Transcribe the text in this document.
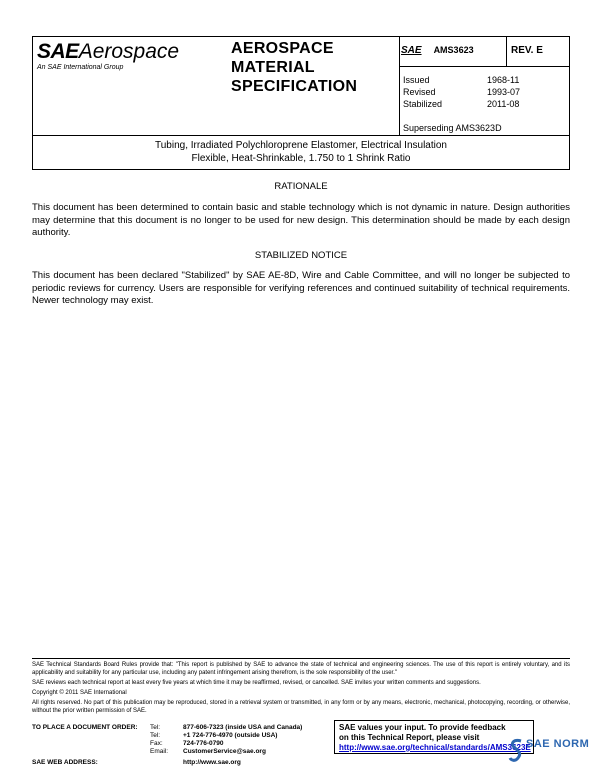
SAEAerospace
An SAE International Group
AEROSPACE
MATERIAL
SPECIFICATION
SAE AMS3623	REV. E
Issued	1968-11
Revised	1993-07
Stabilized	2011-08
Superseding AMS3623D
Tubing, Irradiated Polychloroprene Elastomer, Electrical Insulation
Flexible, Heat-Shrinkable, 1.750 to 1 Shrink Ratio
RATIONALE
This document has been determined to contain basic and stable technology which is not dynamic in nature. Design authorities may determine that this document is no longer to be used for new design. This determination should be made by each design authority.
STABILIZED NOTICE
This document has been declared "Stabilized" by SAE AE-8D, Wire and Cable Committee, and will no longer be subjected to periodic reviews for currency. Users are responsible for verifying references and continued suitability of technical requirements. Newer technology may exist.

SAE Technical Standards Board Rules provide that: "This report is published by SAE to advance the state of technical and engineering sciences. The use of this report is entirely voluntary, and its applicability and suitability for any particular use, including any patent infringement arising therefrom, is the sole responsibility of the user."

SAE reviews each technical report at least every five years at which time it may be reaffirmed, revised, or cancelled. SAE invites your written comments and suggestions.

Copyright © 2011 SAE International

All rights reserved. No part of this publication may be reproduced, stored in a retrieval system or transmitted, in any form or by any means, electronic, mechanical, photocopying, recording, or otherwise, without the prior written permission of SAE.

TO PLACE A DOCUMENT ORDER:	Tel:	877-606-7323 (inside USA and Canada)
Tel:	+1 724-776-4970 (outside USA)
Fax:	724-776-0790
Email:	CustomerService@sae.org
SAE WEB ADDRESS:	http://www.sae.org
SAE values your input. To provide feedback
on this Technical Report, please visit
http://www.sae.org/technical/standards/AMS3623E
SAE NORM
